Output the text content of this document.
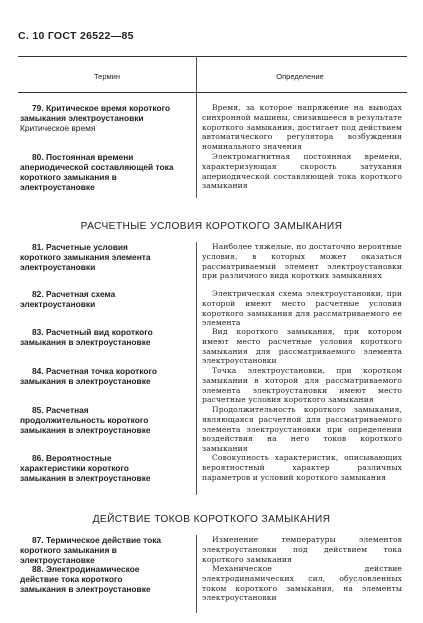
С. 10 ГОСТ 26522—85
Термин	Определение
79. Критическое время короткого замыкания электроустановки
Критическое время

Время, за которое напряжение на выводах синхронной машины, снизившееся в результате короткого замыкания, достигает под действием автоматического регулятора возбуждения номинального значения

80. Постоянная времени апериодической составляющей тока короткого замыкания в электроустановке

Электромагнитная постоянная времени, характеризующая скорость затухания апериодической составляющей тока короткого замыкания

РАСЧЕТНЫЕ УСЛОВИЯ КОРОТКОГО ЗАМЫКАНИЯ
81. Расчетные условия короткого замыкания элемента электроустановки

Наиболее тяжелые, но достаточно вероятные условия, в которых может оказаться рассматриваемый элемент электроустановки при различного вида коротких замыканиях

82. Расчетная схема электроустановки

Электрическая схема электроустановки, при которой имеют место расчетные условия короткого замыкания для рассматриваемого ее элемента

83. Расчетный вид короткого замыкания в электроустановке

Вид короткого замыкания, при котором имеют место расчетные условия короткого замыкания для рассматриваемого элемента электроустановки

84. Расчетная точка короткого замыкания в электроустановке

Точка электроустановки, при коротком замыкании в которой для рассматриваемого элемента электроустановки имеют место расчетные условия короткого замыкания

85. Расчетная продолжительность короткого замыкания в электроустановке

Продолжительность короткого замыкания, являющаяся расчетной для рассматриваемого элемента электроустановки при определении воздействия на него токов короткого замыкания

86. Вероятностные характеристики короткого замыкания в электроустановке

Совокупность характеристик, описывающих вероятностный характер различных параметров и условий короткого замыкания

ДЕЙСТВИЕ ТОКОВ КОРОТКОГО ЗАМЫКАНИЯ
87. Термическое действие тока короткого замыкания в электроустановке

Изменение температуры элементов электроустановки под действием тока короткого замыкания

88. Электродинамическое действие тока короткого замыкания в электроустановке

Механическое действие электродинамических сил, обусловленных током короткого замыкания, на элементы электроустановки
